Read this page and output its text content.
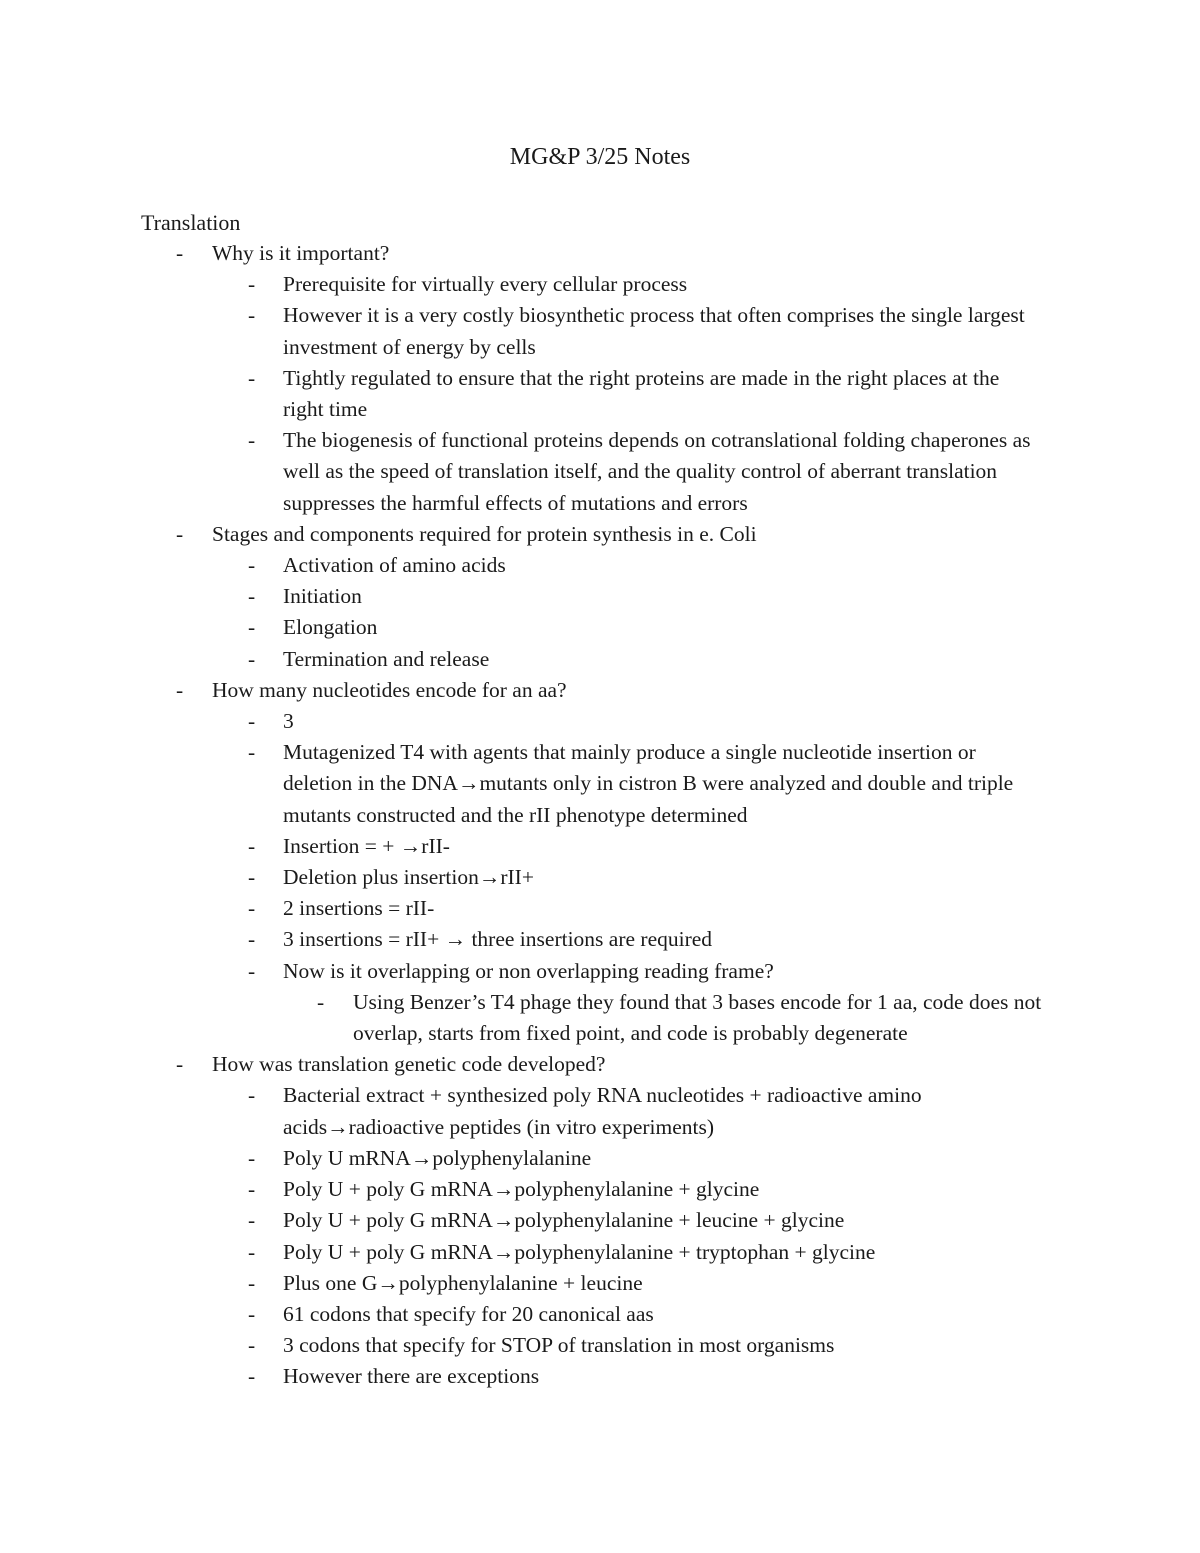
MG&P 3/25 Notes
Translation
- Why is it important?
- Prerequisite for virtually every cellular process
- However it is a very costly biosynthetic process that often comprises the single largest investment of energy by cells
- Tightly regulated to ensure that the right proteins are made in the right places at the right time
- The biogenesis of functional proteins depends on cotranslational folding chaperones as well as the speed of translation itself, and the quality control of aberrant translation suppresses the harmful effects of mutations and errors
- Stages and components required for protein synthesis in e. Coli
- Activation of amino acids
- Initiation
- Elongation
- Termination and release
- How many nucleotides encode for an aa?
- 3
- Mutagenized T4 with agents that mainly produce a single nucleotide insertion or deletion in the DNA→mutants only in cistron B were analyzed and double and triple mutants constructed and the rII phenotype determined
- Insertion = + →rII-
- Deletion plus insertion→rII+
- 2 insertions = rII-
- 3 insertions = rII+ → three insertions are required
- Now is it overlapping or non overlapping reading frame?
- Using Benzer’s T4 phage they found that 3 bases encode for 1 aa, code does not overlap, starts from fixed point, and code is probably degenerate
- How was translation genetic code developed?
- Bacterial extract + synthesized poly RNA nucleotides + radioactive amino acids→radioactive peptides (in vitro experiments)
- Poly U mRNA→polyphenylalanine
- Poly U + poly G mRNA→polyphenylalanine + glycine
- Poly U + poly G mRNA→polyphenylalanine + leucine + glycine
- Poly U + poly G mRNA→polyphenylalanine + tryptophan + glycine
- Plus one G→polyphenylalanine + leucine
- 61 codons that specify for 20 canonical aas
- 3 codons that specify for STOP of translation in most organisms
- However there are exceptions
